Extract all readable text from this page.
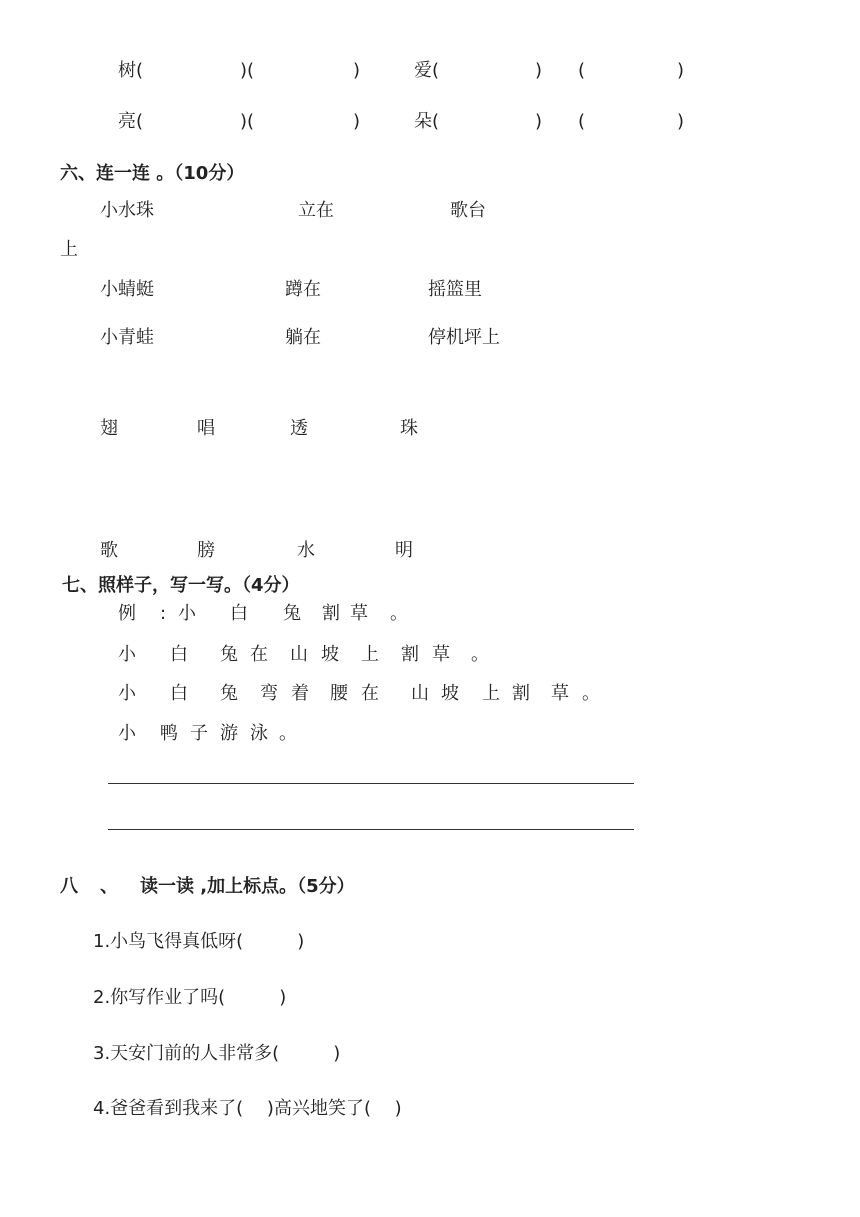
树(	)(	)	爱(	) (	)
亮(	)(	)	朵(	) (	)
六、连一连 。（10分）
小水珠	立在	歌台
上
小蜻蜓	蹲在	摇篮里
小青蛙	躺在	停机坪上
翅	唱	透	珠
歌	膀	水	明
七、照样子，写一写。（4分）
例 : 小 白 兔 割 草 。
小 白 兔 在 山 坡 上 割 草 。
小 白 兔 弯 着 腰 在 山 坡 上 割 草 。
小 鸭 子 游 泳 。
八 、 读一读 ,加上标点。（5分）
1.小鸟飞得真低呀(　　　)
2.你写作业了吗(　　　)
3.天安门前的人非常多(　　　)
4.爸爸看到我来了(　 )高兴地笑了(　 )
